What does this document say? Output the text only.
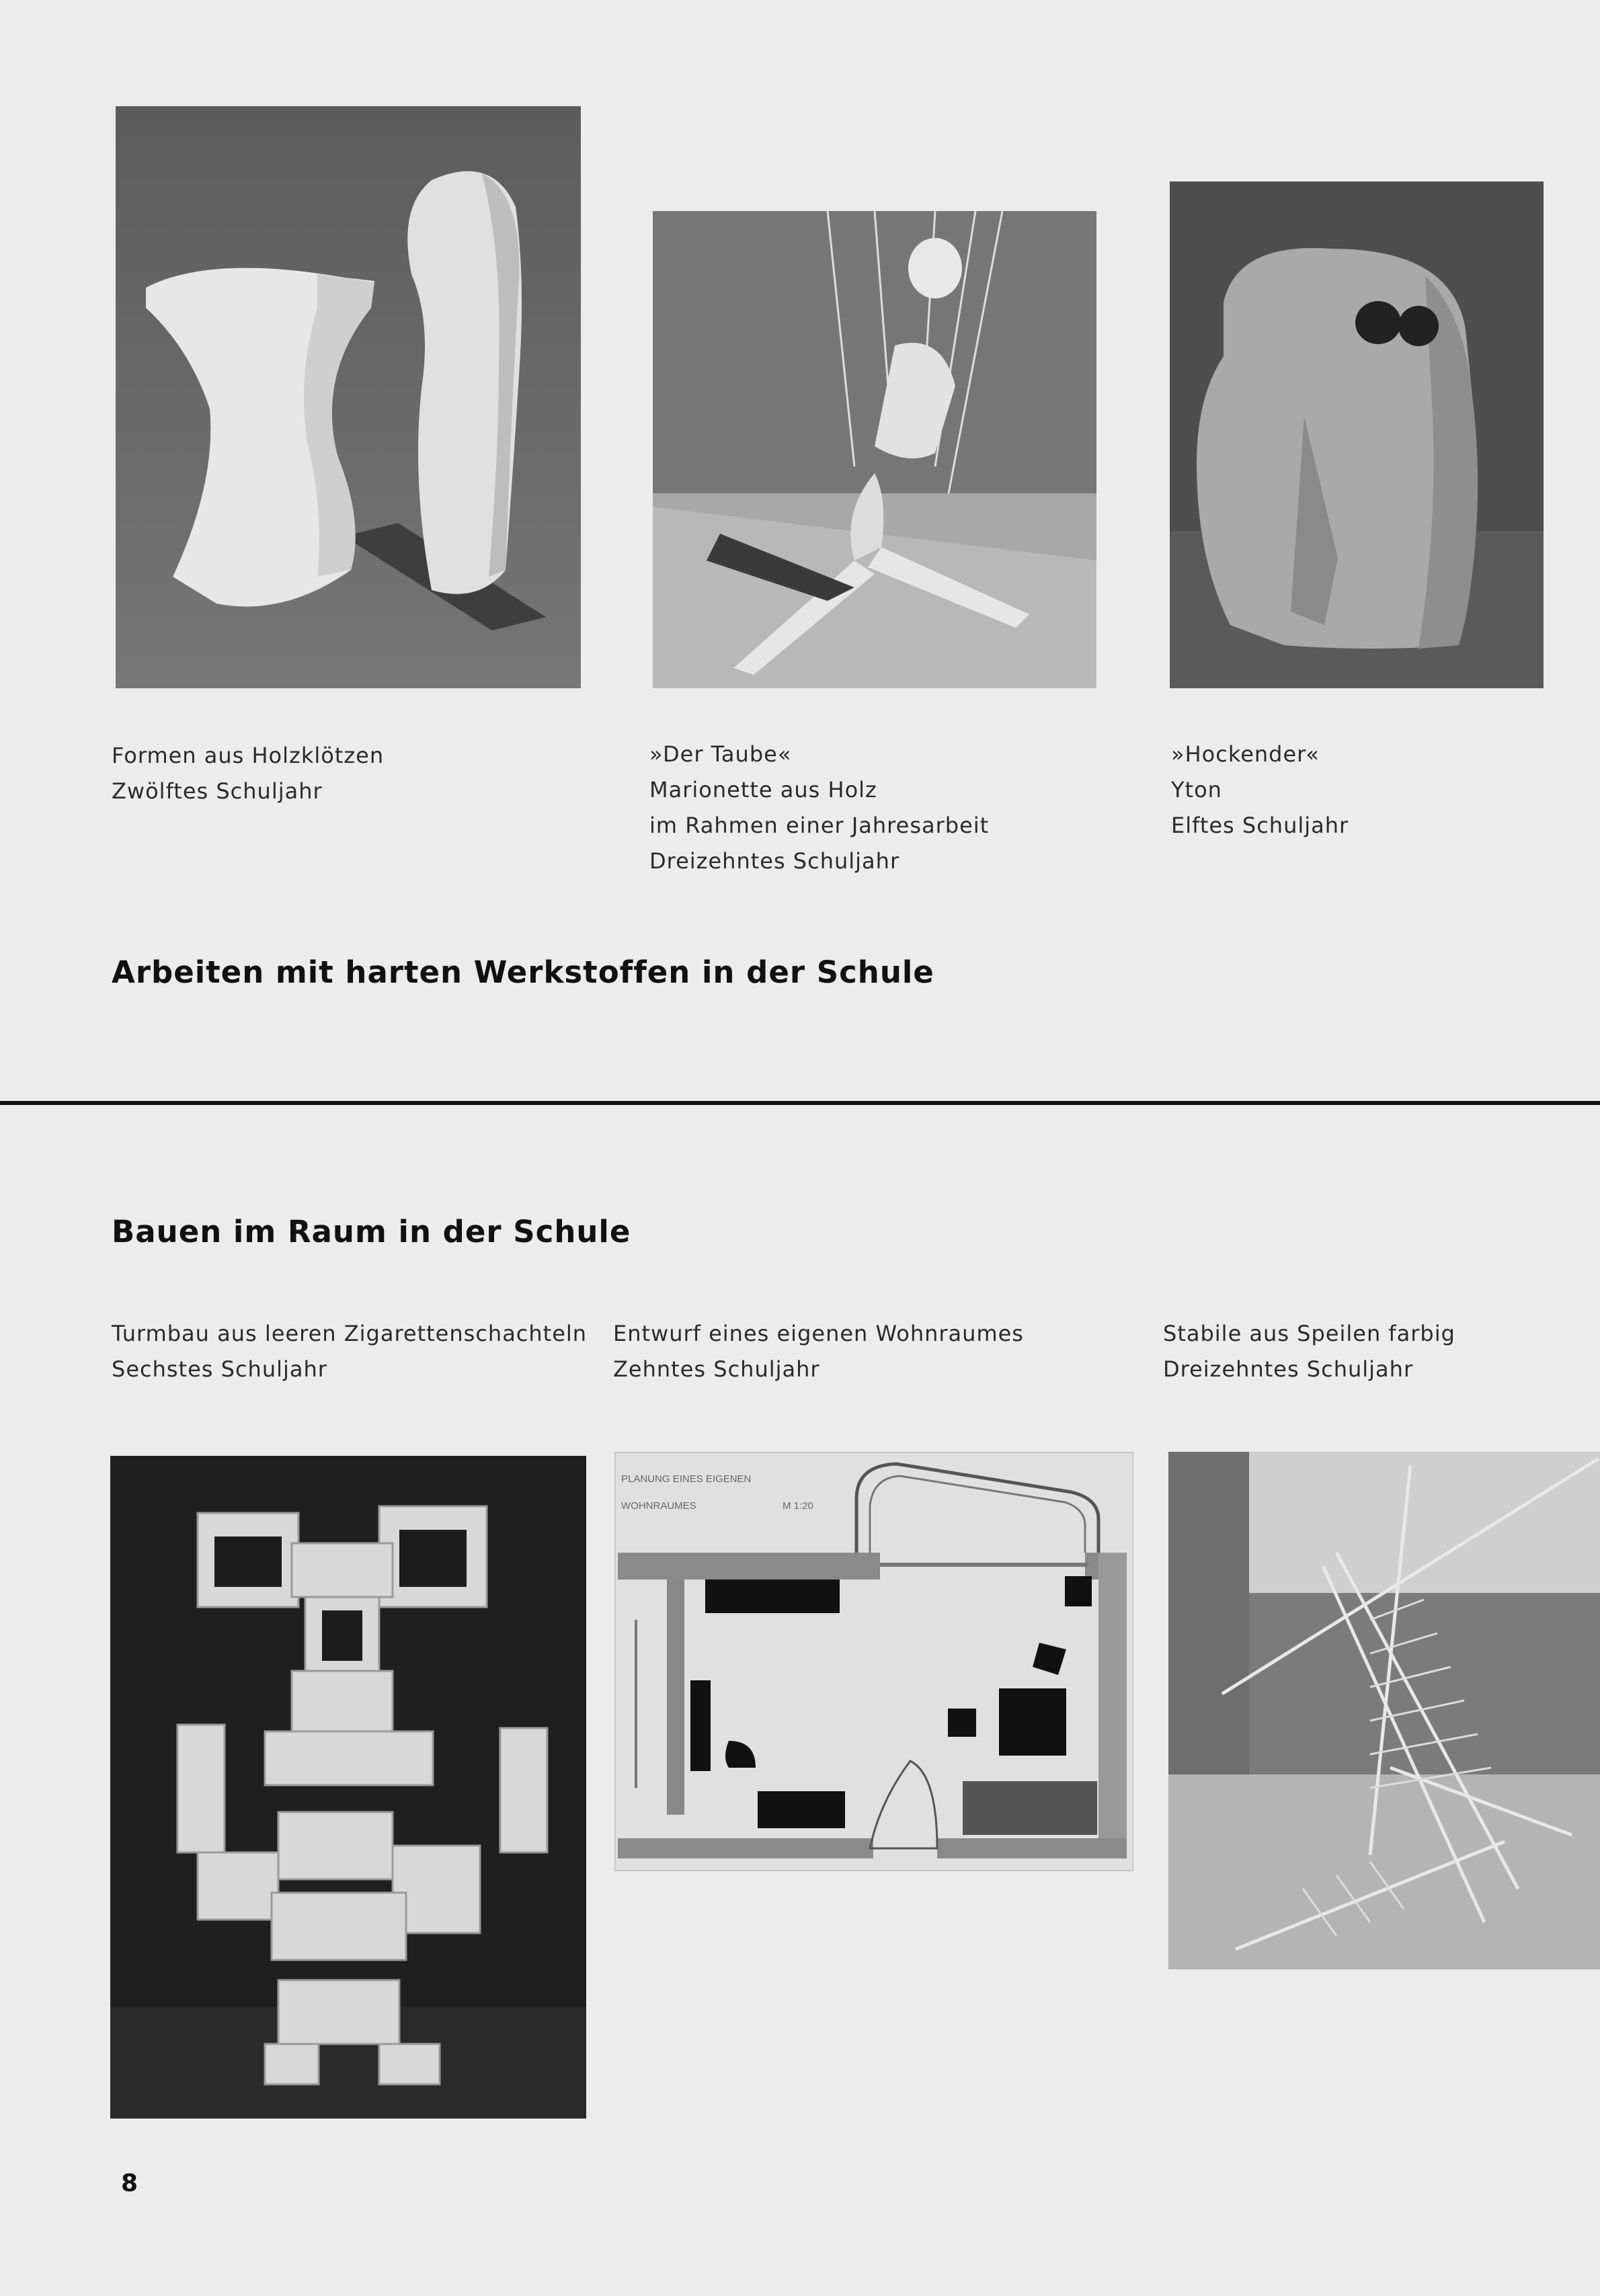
Formen aus Holzklötzen
Zwölftes Schuljahr
»Der Taube«
Marionette aus Holz
im Rahmen einer Jahresarbeit
Dreizehntes Schuljahr
»Hockender«
Yton
Elftes Schuljahr
Arbeiten mit harten Werkstoffen in der Schule
Bauen im Raum in der Schule
Turmbau aus leeren Zigarettenschachteln
Sechstes Schuljahr
Entwurf eines eigenen Wohnraumes
Zehntes Schuljahr
Stabile aus Speilen farbig
Dreizehntes Schuljahr
PLANUNG EINES EIGENEN
WOHNRAUMES	M 1:20
8
